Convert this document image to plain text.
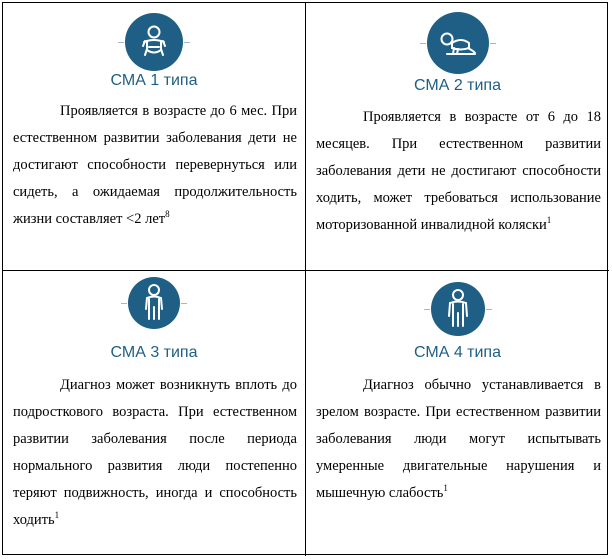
СМА 1 типа
Проявляется в возрасте до 6 мес. При естественном развитии заболевания дети не достигают способности перевернуться или сидеть, а ожидаемая продолжительность жизни составляет <2 лет$^8$
СМА 2 типа
Проявляется в возрасте от 6 до 18 месяцев. При естественном развитии заболевания дети не достигают способности ходить, может требоваться использование моторизованной инвалидной коляски$^1$
СМА 3 типа
Диагноз может возникнуть вплоть до подросткового возраста. При естественном развитии заболевания после периода нормального развития люди постепенно теряют подвижность, иногда и способность ходить$^1$
СМА 4 типа
Диагноз обычно устанавливается в зрелом возрасте. При естественном развитии заболевания люди могут испытывать умеренные двигательные нарушения и мышечную слабость$^1$
